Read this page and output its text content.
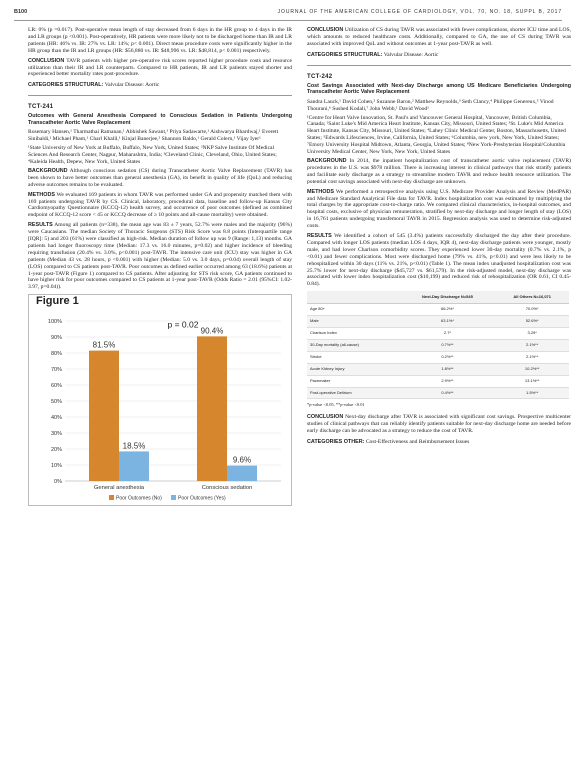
B100	JOURNAL OF THE AMERICAN COLLEGE OF CARDIOLOGY, VOL. 70, NO. 18, SUPPL B, 2017

LR: 0% (p =0.017). Post-operative mean length of stay decreased from 6 days in the HR group to 4 days in the IR and LR groups (p <0.001). Post-operatively, HR patients were more likely not to be discharged home than IR and LR patients (HR: 46% vs. IR: 27% vs. LR: 14%; p< 0.001). Direct mean procedure costs were significantly higher in the HR group than the IR and LR groups (HR: $56,880 vs. IR: $48,996 vs. LR: $48,814, p< 0.001) respectively.

CONCLUSION TAVR patients with higher pre-operative risk scores reported higher procedure costs and resource utilization than their IR and LR counterparts. Compared to HR patients, IR and LR patients stayed shorter and experienced better mortality rates post-procedure.

CATEGORIES STRUCTURAL: Valvular Disease: Aortic

TCT-241
Outcomes with General Anesthesia Compared to Conscious Sedation in Patients Undergoing Transcatheter Aortic Valve Replacement

Rosemary Hansen,¹ Tharmathai Ramanan,¹ Abhishek Sawant,¹ Priya Sadawarte,¹ Aishwarya Bhardwaj,¹ Everett Sinibaldi,¹ Michael Pham,¹ Charl Khalil,¹ Kinjal Banerjee,² Shannon Baldo,¹ Gerald Colern,¹ Vijay Iyer¹

¹State University of New York at Buffalo, Buffalo, New York, United States; ²NKP Salve Institute Of Medical Sciences And Research Center, Nagpur, Maharashtra, India; ³Cleveland Clinic, Cleveland, Ohio, United States; ⁴Kaleida Health, Depew, New York, United States

BACKGROUND Although conscious sedation (CS) during Transcatheter Aortic Valve Replacement (TAVR) has been shown to have better outcomes than general anesthesia (GA), its benefit in quality of life (QoL) and reducing adverse outcomes remains to be evaluated.

METHODS We evaluated 169 patients in whom TAVR was performed under GA and propensity matched them with 169 patients undergoing TAVR by CS. Clinical, laboratory, procedural data, baseline and follow-up Kansas City Cardiomyopathy Questionnaire (KCCQ-12) health survey, and occurrence of poor outcomes (defined as combined endpoint of KCCQ-12 score < 45 or KCCQ decrease of ≥ 10 points and all-cause mortality) were obtained.

RESULTS Among all patients (n=338), the mean age was 83 ± 7 years, 52.7% were males and the majority (96%) were Caucasians. The median Society of Thoracic Surgeons (STS) Risk Score was 8.8 points (Interquartile range [IQR]: 5) and 203 (61%) were classified as high-risk. Median duration of follow up was 9 (Range: 1,13) months. GA patients had longer fluoroscopy time (Median: 17.3 vs. 16.0 minutes, p=0.02) and higher incidence of bleeding requiring transfusion (20.4% vs. 3.0%, p<0.001) post-TAVR. The intensive care unit (ICU) stay was higher in GA patients (Median 43 vs. 28 hours, p <0.001) with higher (Median: 5.0 vs. 3.0 days, p=0.04) overall length of stay (LOS) compared to CS patients post-TAVR. Poor outcomes as defined earlier occurred among 63 (18.6%) patients at 1-year post-TAVR (Figure 1) compared to CS patients. After adjusting for STS risk score, GA patients continued to have higher risk for poor outcomes compared to CS patients at 1-year post-TAVR (Odds Ratio = 2.01 (95%CI: 1.02-3.97, p=0.04)).

Figure 1
0%
10%
20%
30%
40%
50%
60%
70%
80%
90%
100%
81.5%
18.5%
General anesthesia
90.4%
9.6%
Conscious sedation
p = 0.02
Poor Outcomes (No)	Poor Outcomes (Yes)

CONCLUSION Utilization of CS during TAVR was associated with fewer complications, shorter ICU time and LOS, which amounts to reduced healthcare costs. Additionally, compared to GA, the use of CS during TAVR was associated with improved QoL and without outcomes at 1-year post-TAVR as well.

CATEGORIES STRUCTURAL: Valvular Disease: Aortic

TCT-242
Cost Savings Associated with Next-day Discharge among US Medicare Beneficiaries Undergoing Transcatheter Aortic Valve Replacement

Sandra Lauck,¹ David Cohen,² Suzanne Baron,² Matthew Reynolds,³ Seth Clancy,⁴ Philippe Genereux,⁵ Vinod Thourani,⁶ Sushed Kodali,⁷ John Webb,¹ David Wood¹

¹Centre for Heart Valve Innovation, St. Paul's and Vancouver General Hospital, Vancouver, British Columbia, Canada; ²Saint Luke's Mid America Heart Institute, Kansas City, Missouri, United States; ³St. Luke's Mid America Heart Institute, Kansas City, Missouri, United States; ⁴Lahey Clinic Medical Center, Boston, Massachusetts, United States; ⁵Edwards Lifesciences, Irvine, California, United States; ⁶Columbia, new york, New York, United States; ⁷Emory University Hospital Midtown, Atlanta, Georgia, United States; ⁸New York-Presbyterian Hospital/Columbia University Medical Center, New York, New York, United States

BACKGROUND In 2014, the inpatient hospitalization cost of transcatheter aortic valve replacement (TAVR) procedures in the U.S. was $978 million. There is increasing interest in clinical pathways that risk stratify patients and facilitate early discharge as a strategy to streamline modern TAVR and reduce health resource utilization. The potential cost savings associated with next-day discharge are unknown.

METHODS We performed a retrospective analysis using U.S. Medicare Provider Analysis and Review (MedPAR) and Medicare Standard Analytical File data for TAVR. Index hospitalization cost was estimated by multiplying the total charges by the appropriate cost-to-charge ratio. We compared clinical characteristics, in-hospital outcomes, and hospital costs, exclusive of physician remuneration, stratified by next-day discharge and longer length of stay (LOS) in 16,761 patients undergoing transfemoral TAVR in 2015. Regression analysis was used to determine risk-adjusted costs.

RESULTS We identified a cohort of 545 (3.4%) patients successfully discharged the day after their procedure. Compared with longer LOS patients (median LOS 4 days, IQR 4), next-day discharge patients were younger, mostly male, and had lower Charlson comorbidity scores. They experienced lower 30-day mortality (0.7% vs. 2.1%, p <0.01) and fewer complications. Most were discharged home (79% vs. 41%, p<0.01) and were less likely to be rehospitalized within 30 days (11% vs. 21%, p<0.01) (Table 1). The mean index unadjusted hospitalization cost was 25.7% lower for next-day discharge ($45,727 vs. $61,579). In the risk-adjusted model, next-day discharge was associated with lower index hospitalization cost ($10,199) and reduced risk of rehospitalization (OR 0.61, CI 0.45-0.84).

	Next-Day Discharge N=545	All Others N=16,071
Age 80+	66.2%*	70.0%*
Male	63.1%*	52.6%*
Charlson Index	2.7*	3.29*
30-Day mortality (all-cause)	0.7%**	2.1%**
Stroke	0.2%**	2.1%**
Acute Kidney Injury	1.8%**	10.2%**
Pacemaker	2.9%**	13.1%**
Post-operative Delirium	0.4%**	1.5%**
*p-value <0.05, **p-value <0.01

CONCLUSION Next-day discharge after TAVR is associated with significant cost savings. Prospective multicenter studies of clinical pathways that can reliably identify patients suitable for next-day discharge home are needed before early discharge can be advocated as a strategy to reduce the cost of TAVR.

CATEGORIES OTHER: Cost-Effectiveness and Reimbursement Issues
